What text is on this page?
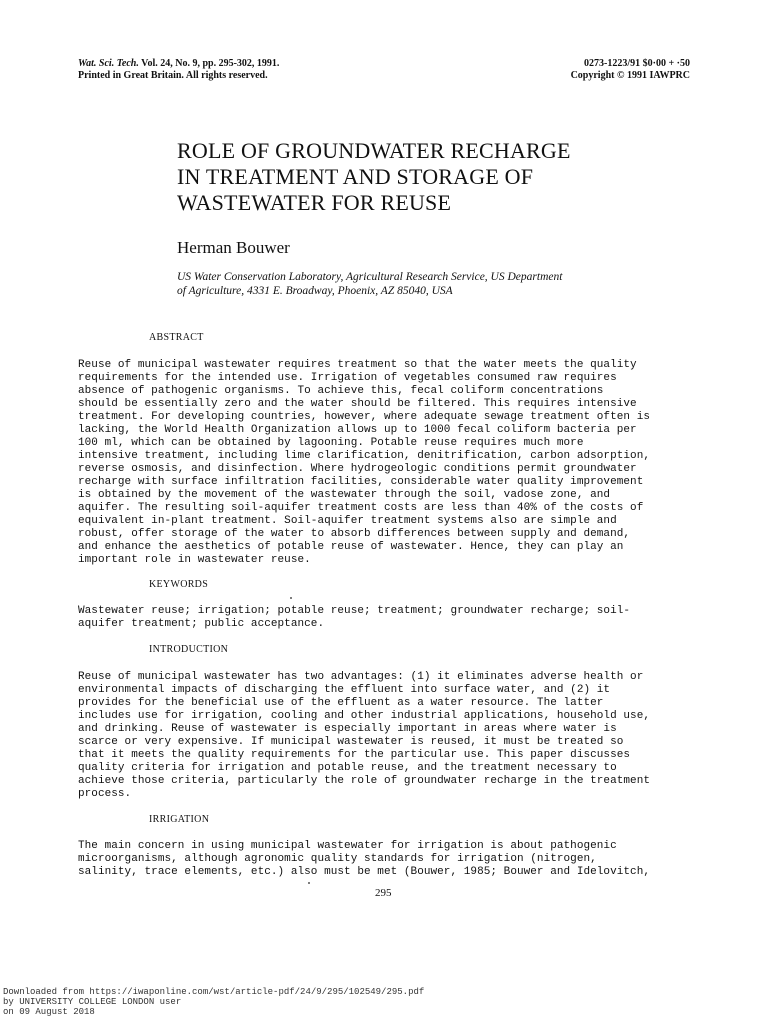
Wat. Sci. Tech. Vol. 24, No. 9, pp. 295-302, 1991.
Printed in Great Britain. All rights reserved.
0273-1223/91 $0·00 + ·50
Copyright © 1991 IAWPRC
ROLE OF GROUNDWATER RECHARGE
IN TREATMENT AND STORAGE OF
WASTEWATER FOR REUSE
Herman Bouwer
US Water Conservation Laboratory, Agricultural Research Service, US Department
of Agriculture, 4331 E. Broadway, Phoenix, AZ 85040, USA
ABSTRACT
Reuse of municipal wastewater requires treatment so that the water meets the quality
requirements for the intended use. Irrigation of vegetables consumed raw requires
absence of pathogenic organisms. To achieve this, fecal coliform concentrations
should be essentially zero and the water should be filtered. This requires intensive
treatment. For developing countries, however, where adequate sewage treatment often is
lacking, the World Health Organization allows up to 1000 fecal coliform bacteria per
100 ml, which can be obtained by lagooning. Potable reuse requires much more
intensive treatment, including lime clarification, denitrification, carbon adsorption,
reverse osmosis, and disinfection. Where hydrogeologic conditions permit groundwater
recharge with surface infiltration facilities, considerable water quality improvement
is obtained by the movement of the wastewater through the soil, vadose zone, and
aquifer. The resulting soil-aquifer treatment costs are less than 40% of the costs of
equivalent in-plant treatment. Soil-aquifer treatment systems also are simple and
robust, offer storage of the water to absorb differences between supply and demand,
and enhance the aesthetics of potable reuse of wastewater. Hence, they can play an
important role in wastewater reuse.
KEYWORDS
Wastewater reuse; irrigation; potable reuse; treatment; groundwater recharge; soil-
aquifer treatment; public acceptance.
INTRODUCTION
Reuse of municipal wastewater has two advantages: (1) it eliminates adverse health or
environmental impacts of discharging the effluent into surface water, and (2) it
provides for the beneficial use of the effluent as a water resource. The latter
includes use for irrigation, cooling and other industrial applications, household use,
and drinking. Reuse of wastewater is especially important in areas where water is
scarce or very expensive. If municipal wastewater is reused, it must be treated so
that it meets the quality requirements for the particular use. This paper discusses
quality criteria for irrigation and potable reuse, and the treatment necessary to
achieve those criteria, particularly the role of groundwater recharge in the treatment
process.
IRRIGATION
The main concern in using municipal wastewater for irrigation is about pathogenic
microorganisms, although agronomic quality standards for irrigation (nitrogen,
salinity, trace elements, etc.) also must be met (Bouwer, 1985; Bouwer and Idelovitch,
295
Downloaded from https://iwaponline.com/wst/article-pdf/24/9/295/102549/295.pdf
by UNIVERSITY COLLEGE LONDON user
on 09 August 2018
